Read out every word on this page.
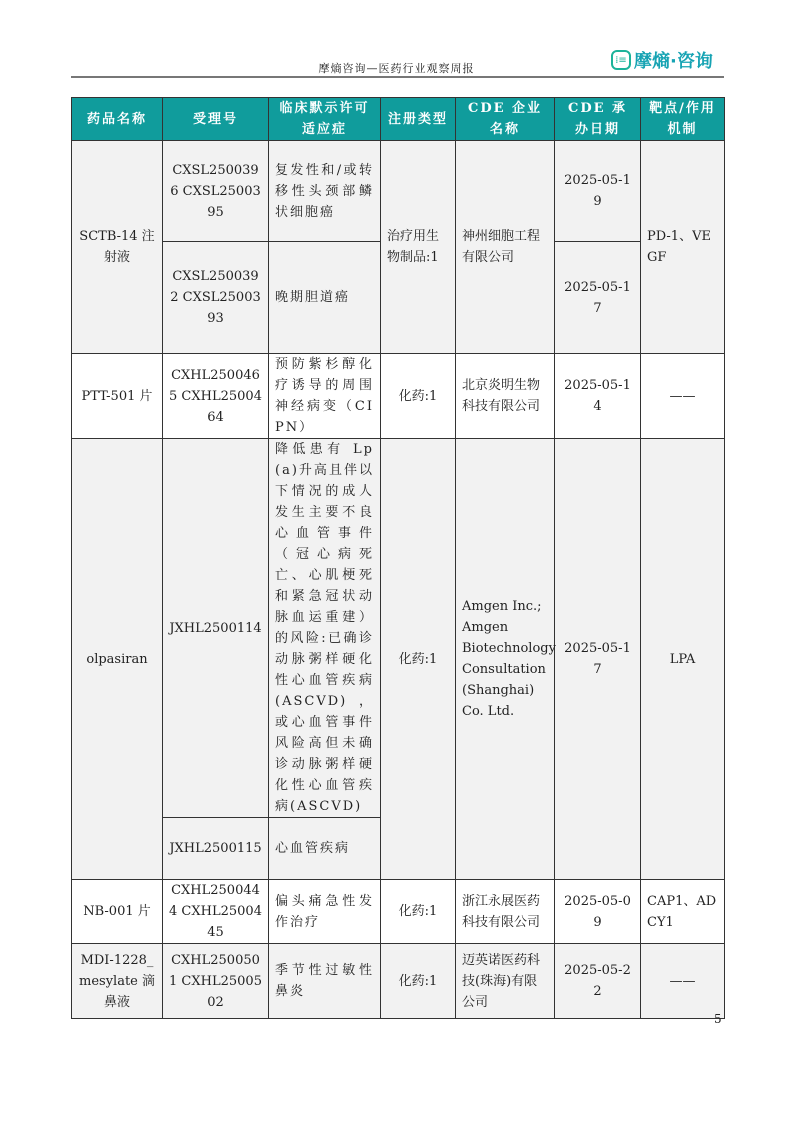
摩熵咨询—医药行业观察周报
⁞≡ 摩熵·咨询
药品名称	受理号	临床默示许可适应症	注册类型	CDE 企业名称	CDE 承办日期	靶点/作用机制
SCTB-14 注射液	CXSL2500396 CXSL2500395	复发性和/或转移性头颈部鳞状细胞癌	治疗用生物制品:1	神州细胞工程有限公司	2025-05-19	PD-1、VEGF
	CXSL2500392 CXSL2500393	晚期胆道癌			2025-05-17	
PTT-501 片	CXHL2500465 CXHL2500464	预防紫杉醇化疗诱导的周围神经病变（CIPN）	化药:1	北京炎明生物科技有限公司	2025-05-14	——
olpasiran	JXHL2500114	降低患有 Lp(a)升高且伴以下情况的成人发生主要不良心血管事件（冠心病死亡、心肌梗死和紧急冠状动脉血运重建）的风险:已确诊动脉粥样硬化性心血管疾病(ASCVD)，或心血管事件风险高但未确诊动脉粥样硬化性心血管疾病(ASCVD)	化药:1	Amgen Inc.; Amgen Biotechnology Consultation (Shanghai) Co. Ltd.	2025-05-17	LPA
	JXHL2500115	心血管疾病				
NB-001 片	CXHL2500444 CXHL2500445	偏头痛急性发作治疗	化药:1	浙江永展医药科技有限公司	2025-05-09	CAP1、ADCY1
MDI-1228_mesylate 滴鼻液	CXHL2500501 CXHL2500502	季节性过敏性鼻炎	化药:1	迈英诺医药科技(珠海)有限公司	2025-05-22	——
5
